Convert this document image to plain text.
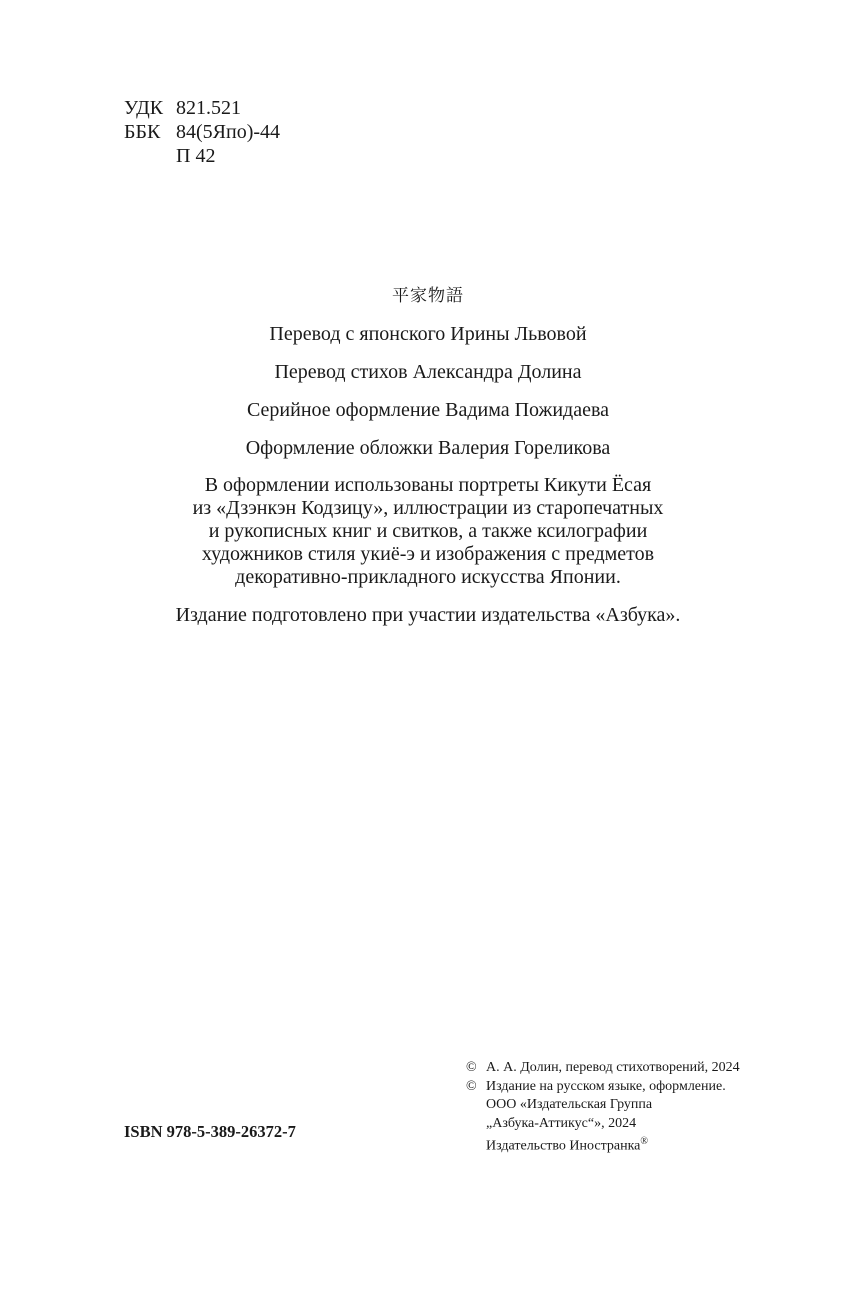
УДК 821.521
ББК 84(5Япо)-44
П 42
平家物語
Перевод с японского Ирины Львовой
Перевод стихов Александра Долина
Серийное оформление Вадима Пожидаева
Оформление обложки Валерия Гореликова
В оформлении использованы портреты Кикути Ёсая
из «Дзэнкэн Кодзицу», иллюстрации из старопечатных
и рукописных книг и свитков, а также ксилографии
художников стиля укиё-э и изображения с предметов
декоративно-прикладного искусства Японии.
Издание подготовлено при участии издательства «Азбука».
© А. А. Долин, перевод стихотворений, 2024
© Издание на русском языке, оформление.
ООО «Издательская Группа
„Азбука-Аттикус“», 2024
Издательство Иностранка®
ISBN 978-5-389-26372-7
